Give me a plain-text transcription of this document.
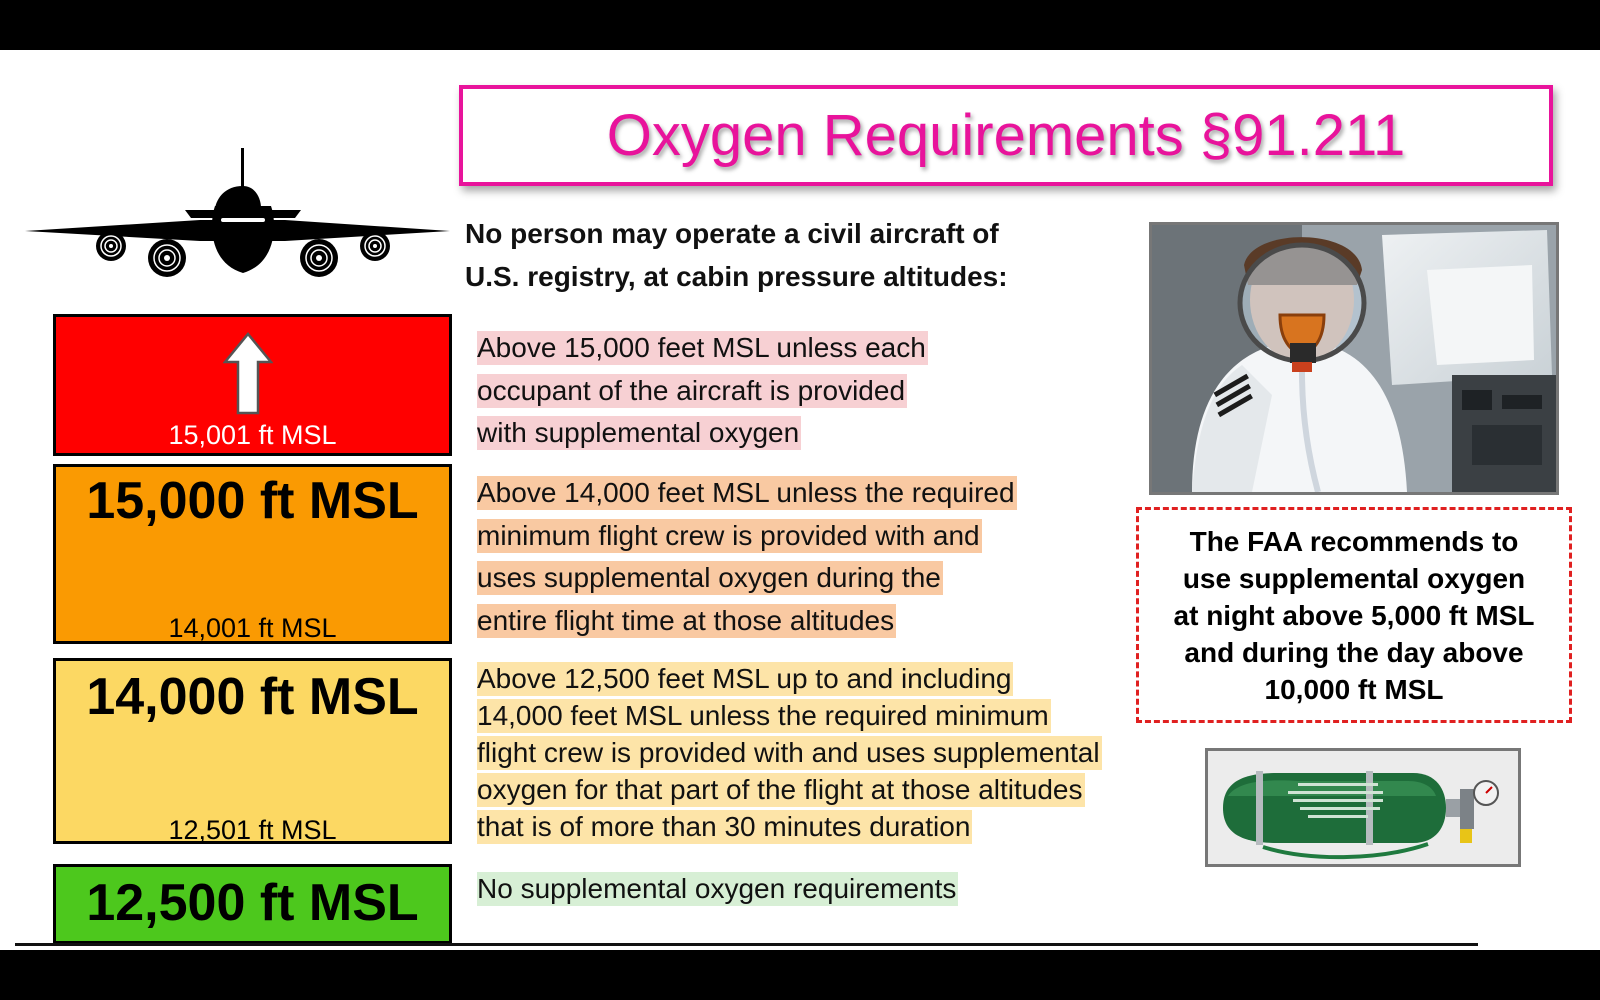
Oxygen Requirements §91.211

No person may operate a civil aircraft of
U.S. registry, at cabin pressure altitudes:

15,001 ft MSL
15,000 ft MSL
14,001 ft MSL
14,000 ft MSL
12,501 ft MSL
12,500 ft MSL

Above 15,000 feet MSL unless each
occupant of the aircraft is provided
with supplemental oxygen

Above 14,000 feet MSL unless the required
minimum flight crew is provided with and
uses supplemental oxygen during the
entire flight time at those altitudes

Above 12,500 feet MSL up to and including
14,000 feet MSL unless the required minimum
flight crew is provided with and uses supplemental
oxygen for that part of the flight at those altitudes
that is of more than 30 minutes duration

No supplemental oxygen requirements

The FAA recommends to
use supplemental oxygen
at night above 5,000 ft MSL
and during the day above
10,000 ft MSL
